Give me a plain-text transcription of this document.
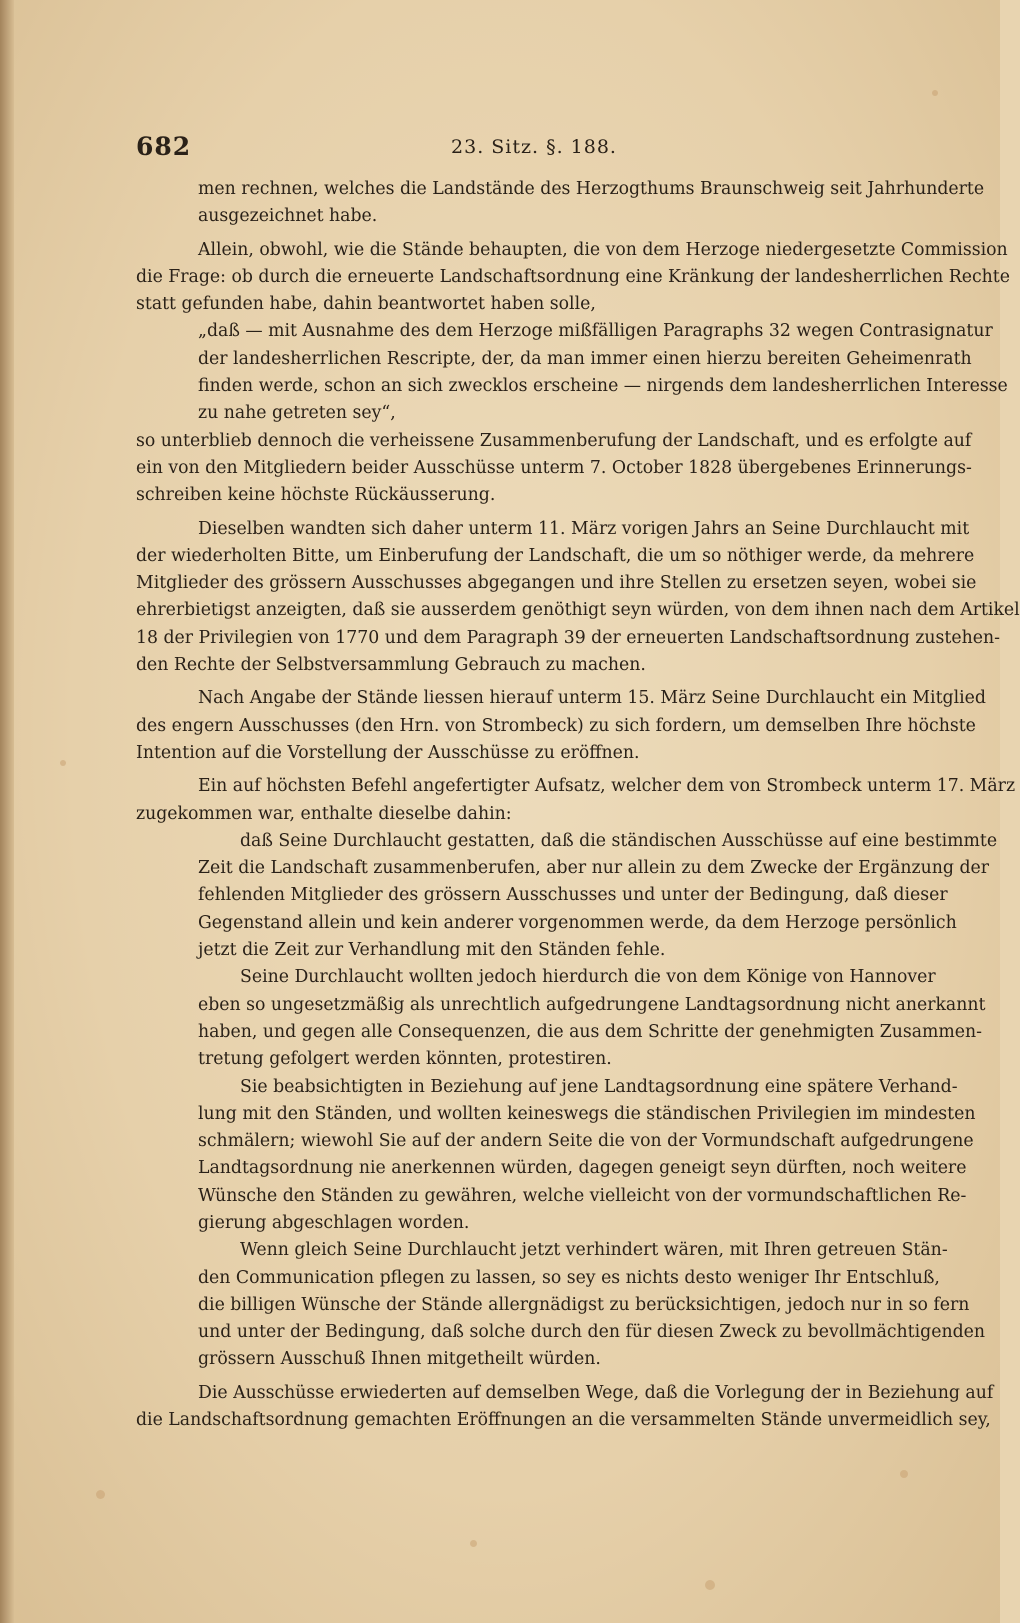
682	23. Sitz. §. 188.
men rechnen, welches die Landstände des Herzogthums Braunschweig seit Jahrhunderte
ausgezeichnet habe.
Allein, obwohl, wie die Stände behaupten, die von dem Herzoge niedergesetzte Commission
die Frage: ob durch die erneuerte Landschaftsordnung eine Kränkung der landesherrlichen Rechte
statt gefunden habe, dahin beantwortet haben solle,
„daß — mit Ausnahme des dem Herzoge mißfälligen Paragraphs 32 wegen Contrasignatur
der landesherrlichen Rescripte, der, da man immer einen hierzu bereiten Geheimenrath
finden werde, schon an sich zwecklos erscheine — nirgends dem landesherrlichen Interesse
zu nahe getreten sey“,
so unterblieb dennoch die verheissene Zusammenberufung der Landschaft, und es erfolgte auf
ein von den Mitgliedern beider Ausschüsse unterm 7. October 1828 übergebenes Erinnerungs-
schreiben keine höchste Rückäusserung.
Dieselben wandten sich daher unterm 11. März vorigen Jahrs an Seine Durchlaucht mit
der wiederholten Bitte, um Einberufung der Landschaft, die um so nöthiger werde, da mehrere
Mitglieder des grössern Ausschusses abgegangen und ihre Stellen zu ersetzen seyen, wobei sie
ehrerbietigst anzeigten, daß sie ausserdem genöthigt seyn würden, von dem ihnen nach dem Artikel
18 der Privilegien von 1770 und dem Paragraph 39 der erneuerten Landschaftsordnung zustehen-
den Rechte der Selbstversammlung Gebrauch zu machen.
Nach Angabe der Stände liessen hierauf unterm 15. März Seine Durchlaucht ein Mitglied
des engern Ausschusses (den Hrn. von Strombeck) zu sich fordern, um demselben Ihre höchste
Intention auf die Vorstellung der Ausschüsse zu eröffnen.
Ein auf höchsten Befehl angefertigter Aufsatz, welcher dem von Strombeck unterm 17. März
zugekommen war, enthalte dieselbe dahin:
daß Seine Durchlaucht gestatten, daß die ständischen Ausschüsse auf eine bestimmte
Zeit die Landschaft zusammenberufen, aber nur allein zu dem Zwecke der Ergänzung der
fehlenden Mitglieder des grössern Ausschusses und unter der Bedingung, daß dieser
Gegenstand allein und kein anderer vorgenommen werde, da dem Herzoge persönlich
jetzt die Zeit zur Verhandlung mit den Ständen fehle.
Seine Durchlaucht wollten jedoch hierdurch die von dem Könige von Hannover
eben so ungesetzmäßig als unrechtlich aufgedrungene Landtagsordnung nicht anerkannt
haben, und gegen alle Consequenzen, die aus dem Schritte der genehmigten Zusammen-
tretung gefolgert werden könnten, protestiren.
Sie beabsichtigten in Beziehung auf jene Landtagsordnung eine spätere Verhand-
lung mit den Ständen, und wollten keineswegs die ständischen Privilegien im mindesten
schmälern; wiewohl Sie auf der andern Seite die von der Vormundschaft aufgedrungene
Landtagsordnung nie anerkennen würden, dagegen geneigt seyn dürften, noch weitere
Wünsche den Ständen zu gewähren, welche vielleicht von der vormundschaftlichen Re-
gierung abgeschlagen worden.
Wenn gleich Seine Durchlaucht jetzt verhindert wären, mit Ihren getreuen Stän-
den Communication pflegen zu lassen, so sey es nichts desto weniger Ihr Entschluß,
die billigen Wünsche der Stände allergnädigst zu berücksichtigen, jedoch nur in so fern
und unter der Bedingung, daß solche durch den für diesen Zweck zu bevollmächtigenden
grössern Ausschuß Ihnen mitgetheilt würden.
Die Ausschüsse erwiederten auf demselben Wege, daß die Vorlegung der in Beziehung auf
die Landschaftsordnung gemachten Eröffnungen an die versammelten Stände unvermeidlich sey,
